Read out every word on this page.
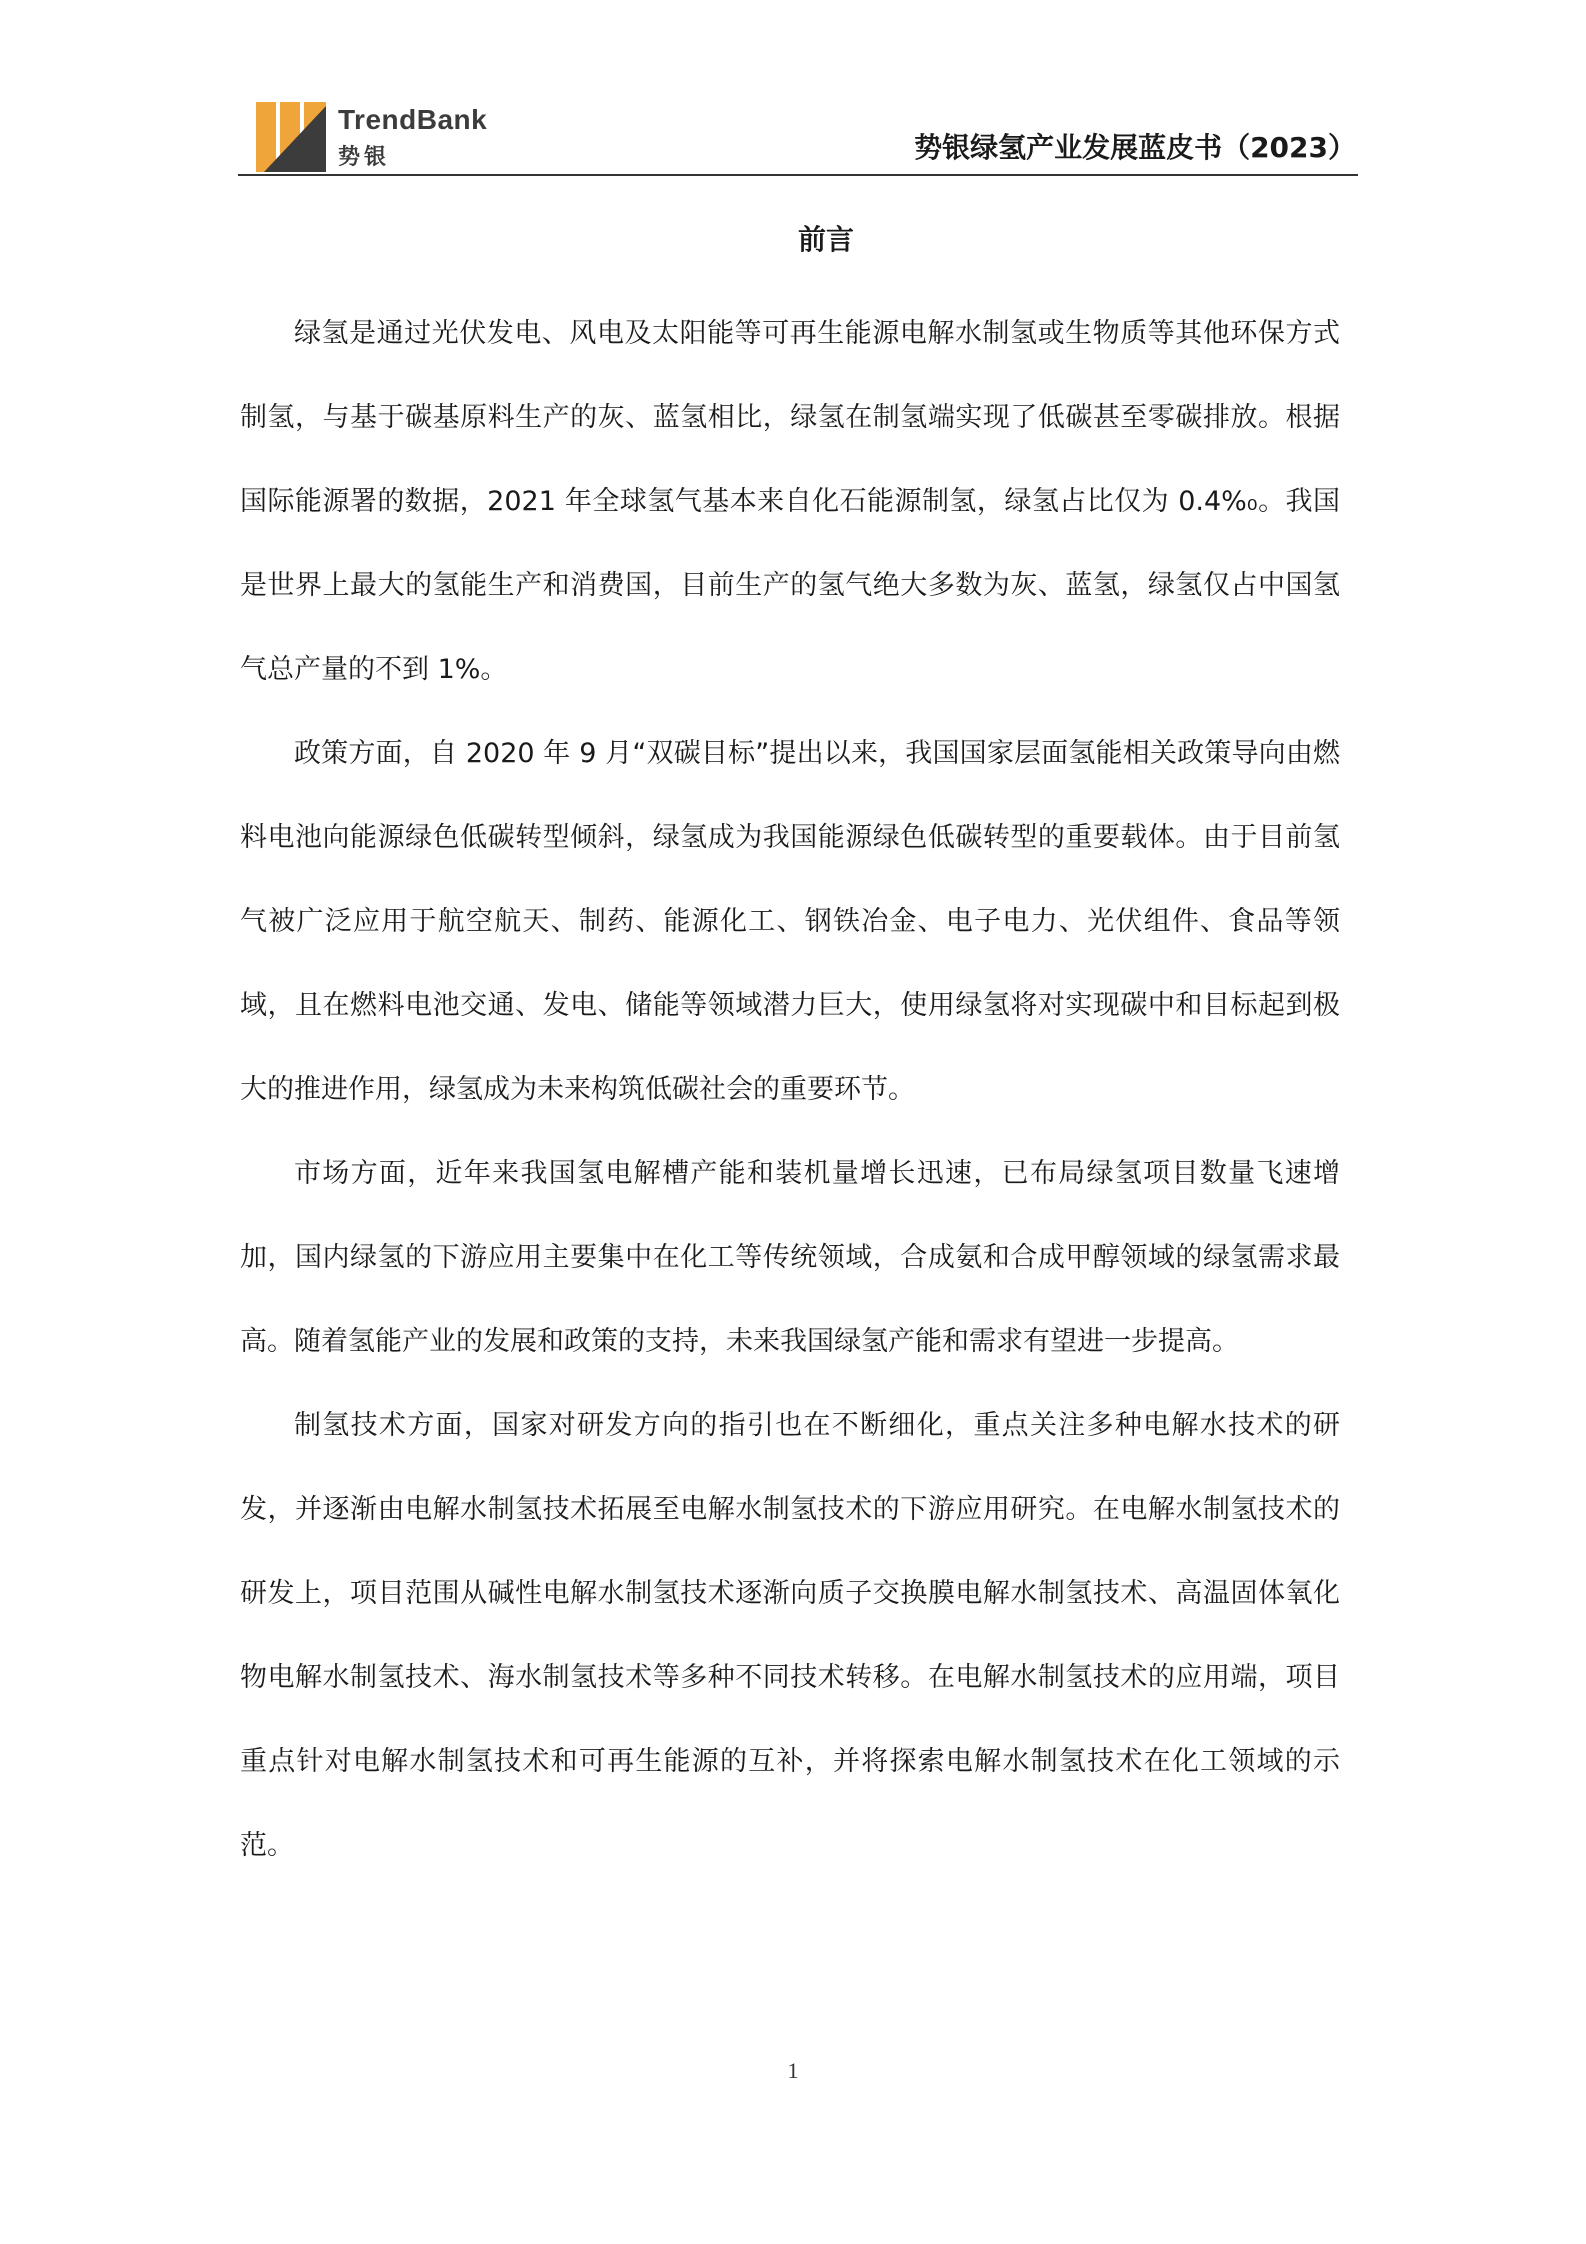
TrendBank
势银	势银绿氢产业发展蓝皮书（2023）
前言

绿氢是通过光伏发电、风电及太阳能等可再生能源电解水制氢或生物质等其他环保方式制氢，与基于碳基原料生产的灰、蓝氢相比，绿氢在制氢端实现了低碳甚至零碳排放。根据国际能源署的数据，2021 年全球氢气基本来自化石能源制氢，绿氢占比仅为 0.4%₀。我国是世界上最大的氢能生产和消费国，目前生产的氢气绝大多数为灰、蓝氢，绿氢仅占中国氢气总产量的不到 1%。

政策方面，自 2020 年 9 月“双碳目标”提出以来，我国国家层面氢能相关政策导向由燃料电池向能源绿色低碳转型倾斜，绿氢成为我国能源绿色低碳转型的重要载体。由于目前氢气被广泛应用于航空航天、制药、能源化工、钢铁冶金、电子电力、光伏组件、食品等领域，且在燃料电池交通、发电、储能等领域潜力巨大，使用绿氢将对实现碳中和目标起到极大的推进作用，绿氢成为未来构筑低碳社会的重要环节。

市场方面，近年来我国氢电解槽产能和装机量增长迅速，已布局绿氢项目数量飞速增加，国内绿氢的下游应用主要集中在化工等传统领域，合成氨和合成甲醇领域的绿氢需求最高。随着氢能产业的发展和政策的支持，未来我国绿氢产能和需求有望进一步提高。

制氢技术方面，国家对研发方向的指引也在不断细化，重点关注多种电解水技术的研发，并逐渐由电解水制氢技术拓展至电解水制氢技术的下游应用研究。在电解水制氢技术的研发上，项目范围从碱性电解水制氢技术逐渐向质子交换膜电解水制氢技术、高温固体氧化物电解水制氢技术、海水制氢技术等多种不同技术转移。在电解水制氢技术的应用端，项目重点针对电解水制氢技术和可再生能源的互补，并将探索电解水制氢技术在化工领域的示范。

1
